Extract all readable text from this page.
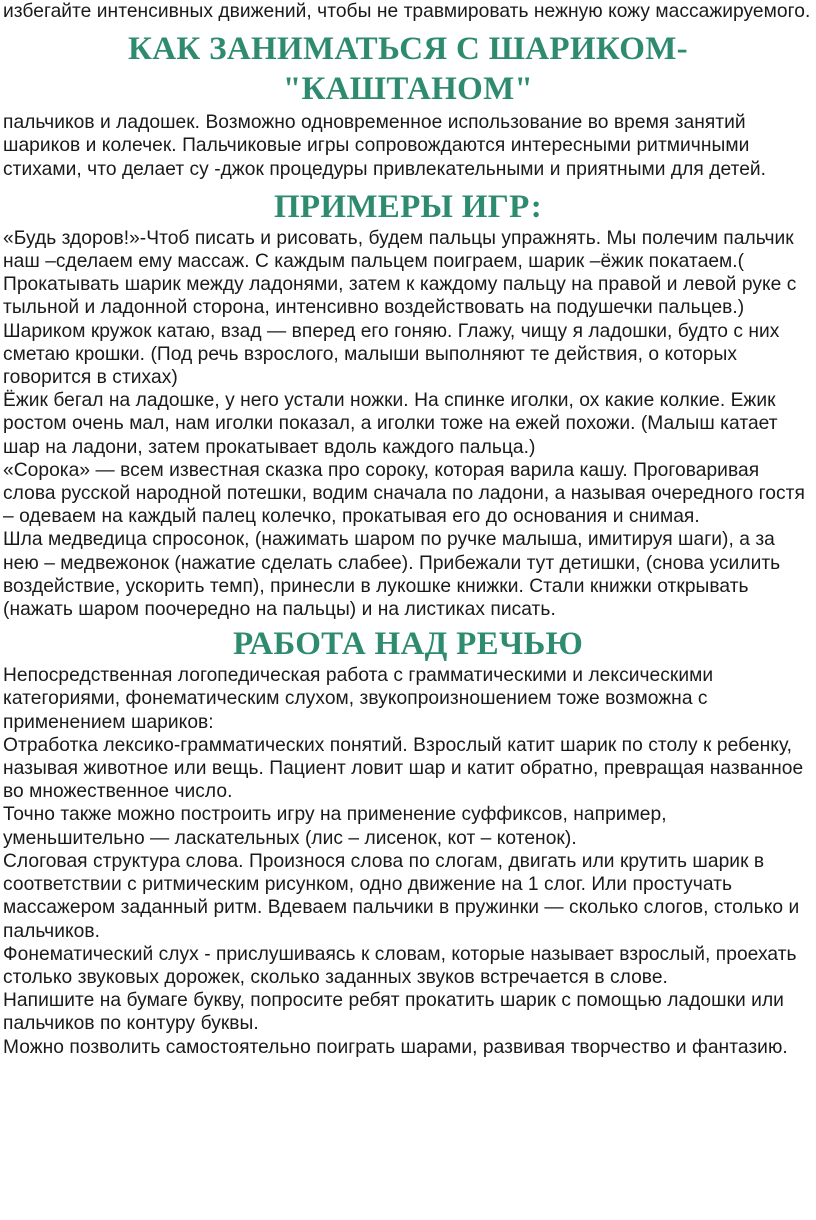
избегайте интенсивных движений, чтобы не травмировать нежную кожу массажируемого.

КАК ЗАНИМАТЬСЯ С ШАРИКОМ-"КАШТАНОМ"

пальчиков и ладошек. Возможно одновременное использование во время занятий шариков и колечек. Пальчиковые игры сопровождаются интересными ритмичными стихами, что делает су -джок процедуры привлекательными и приятными для детей.

ПРИМЕРЫ ИГР:

«Будь здоров!»-Чтоб писать и рисовать, будем пальцы упражнять. Мы полечим пальчик наш –сделаем ему массаж. С каждым пальцем поиграем, шарик –ёжик покатаем.( Прокатывать шарик между ладонями, затем к каждому пальцу на правой и левой руке с тыльной и ладонной сторона, интенсивно воздействовать на подушечки пальцев.)

Шариком кружок катаю, взад — вперед его гоняю. Глажу, чищу я ладошки, будто с них сметаю крошки. (Под речь взрослого, малыши выполняют те действия, о которых говорится в стихах)

Ёжик бегал на ладошке, у него устали ножки. На спинке иголки, ох какие колкие. Ежик ростом очень мал, нам иголки показал, а иголки тоже на ежей похожи. (Малыш катает шар на ладони, затем прокатывает вдоль каждого пальца.)

«Сорока» — всем известная сказка про сороку, которая варила кашу. Проговаривая слова русской народной потешки, водим сначала по ладони, а называя очередного гостя – одеваем на каждый палец колечко, прокатывая его до основания и снимая.

Шла медведица спросонок, (нажимать шаром по ручке малыша, имитируя шаги), а за нею – медвежонок (нажатие сделать слабее). Прибежали тут детишки, (снова усилить воздействие, ускорить темп), принесли в лукошке книжки. Стали книжки открывать (нажать шаром поочередно на пальцы) и на листиках писать.

РАБОТА НАД РЕЧЬЮ

Непосредственная логопедическая работа с грамматическими и лексическими категориями, фонематическим слухом, звукопроизношением тоже возможна с применением шариков:

Отработка лексико-грамматических понятий. Взрослый катит шарик по столу к ребенку, называя животное или вещь. Пациент ловит шар и катит обратно, превращая названное во множественное число.

Точно также можно построить игру на применение суффиксов, например, уменьшительно — ласкательных (лис – лисенок, кот – котенок).

Слоговая структура слова. Произнося слова по слогам, двигать или крутить шарик в соответствии с ритмическим рисунком, одно движение на 1 слог. Или простучать массажером заданный ритм. Вдеваем пальчики в пружинки — сколько слогов, столько и пальчиков.

Фонематический слух - прислушиваясь к словам, которые называет взрослый, проехать столько звуковых дорожек, сколько заданных звуков встречается в слове.

Напишите на бумаге букву, попросите ребят прокатить шарик с помощью ладошки или пальчиков по контуру буквы.

Можно позволить самостоятельно поиграть шарами, развивая творчество и фантазию.
